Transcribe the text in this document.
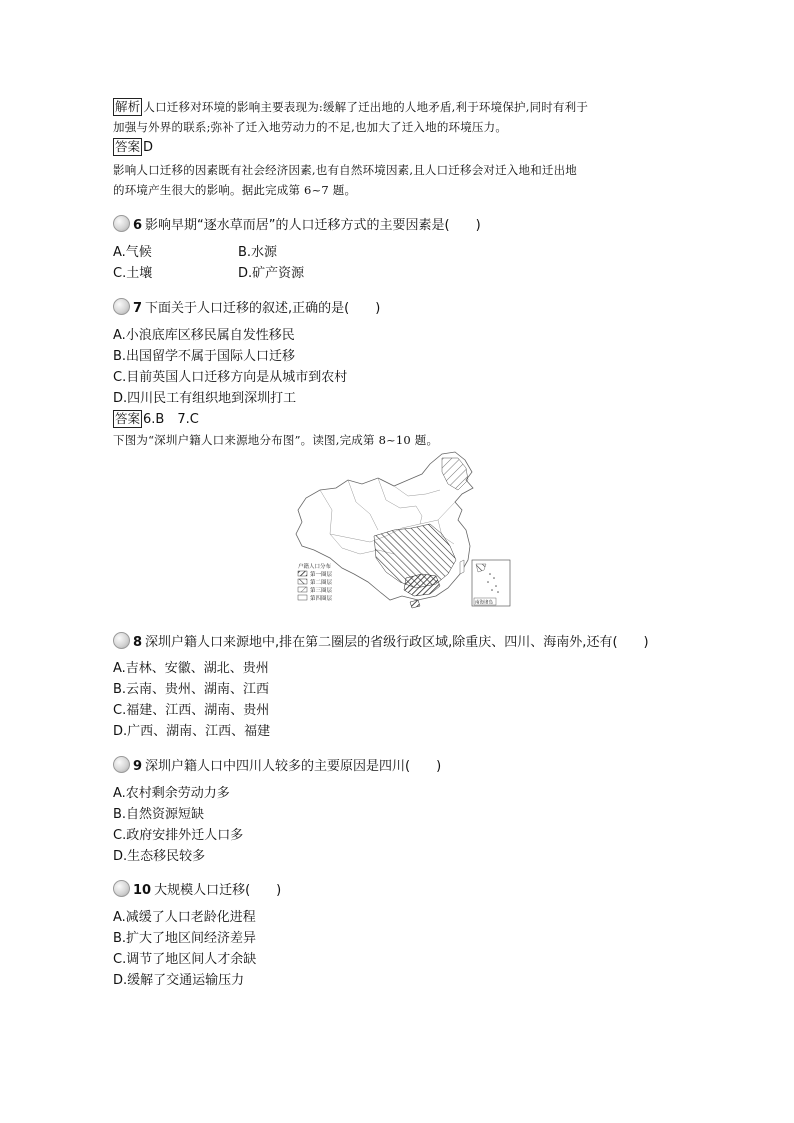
解析 人口迁移对环境的影响主要表现为:缓解了迁出地的人地矛盾,利于环境保护,同时有利于
加强与外界的联系;弥补了迁入地劳动力的不足,也加大了迁入地的环境压力。
答案 D
影响人口迁移的因素既有社会经济因素,也有自然环境因素,且人口迁移会对迁入地和迁出地
的环境产生很大的影响。据此完成第 6~7 题。
6 影响早期“逐水草而居”的人口迁移方式的主要因素是(　　)
A.气候	B.水源
C.土壤	D.矿产资源
7 下面关于人口迁移的叙述,正确的是(　　)
A.小浪底库区移民属自发性移民
B.出国留学不属于国际人口迁移
C.目前英国人口迁移方向是从城市到农村
D.四川民工有组织地到深圳打工
答案 6.B　7.C
下图为“深圳户籍人口来源地分布图”。读图,完成第 8~10 题。
户籍人口分布
第一圈层
第二圈层
第三圈层
第四圈层
南海诸岛
8 深圳户籍人口来源地中,排在第二圈层的省级行政区域,除重庆、四川、海南外,还有(　　)
A.吉林、安徽、湖北、贵州
B.云南、贵州、湖南、江西
C.福建、江西、湖南、贵州
D.广西、湖南、江西、福建
9 深圳户籍人口中四川人较多的主要原因是四川(　　)
A.农村剩余劳动力多
B.自然资源短缺
C.政府安排外迁人口多
D.生态移民较多
10 大规模人口迁移(　　)
A.减缓了人口老龄化进程
B.扩大了地区间经济差异
C.调节了地区间人才余缺
D.缓解了交通运输压力
